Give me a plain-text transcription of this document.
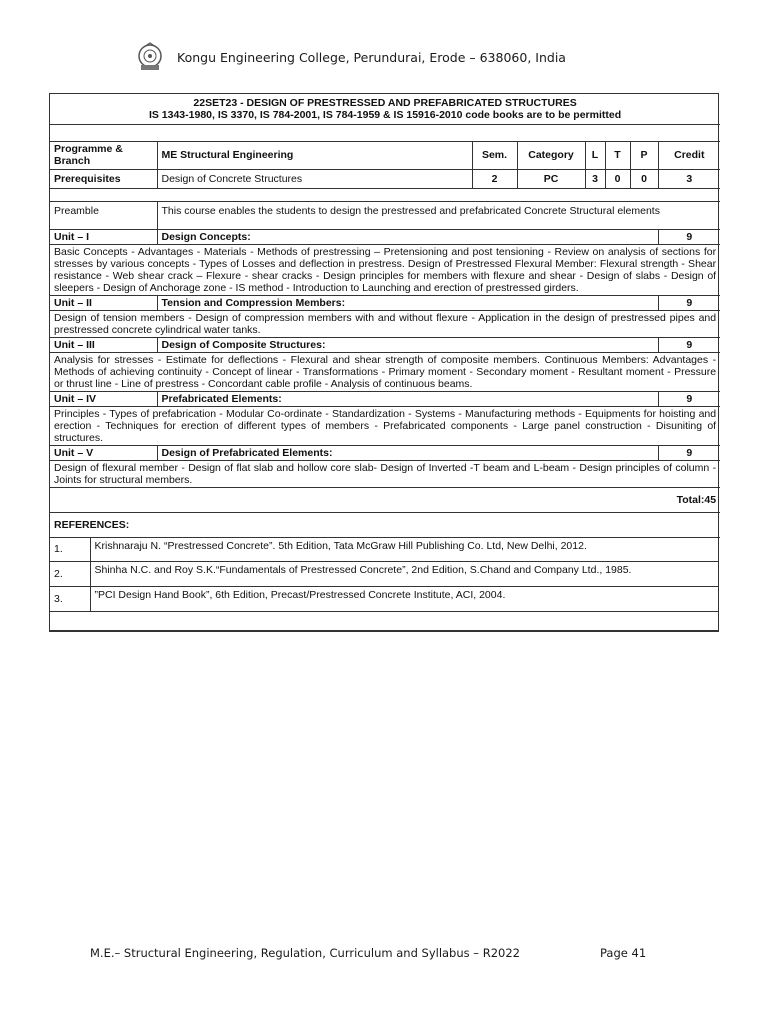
Kongu Engineering College, Perundurai, Erode – 638060, India
22SET23 - DESIGN OF PRESTRESSED AND PREFABRICATED STRUCTURES
IS 1343-1980, IS 3370, IS 784-2001, IS 784-1959 & IS 15916-2010 code books are to be permitted							

Programme & Branch	ME Structural Engineering	Sem.	Category	L	T	P	Credit
Prerequisites	Design of Concrete Structures	2	PC	3	0	0	3

Preamble	This course enables the students to design the prestressed and prefabricated Concrete Structural elements						
Unit – I	Design Concepts:						9
Basic Concepts - Advantages - Materials - Methods of prestressing – Pretensioning and post tensioning - Review on analysis of sections for stresses by various concepts - Types of Losses and deflection in prestress. Design of Prestressed Flexural Member: Flexural strength - Shear resistance - Web shear crack – Flexure - shear cracks - Design principles for members with flexure and shear - Design of slabs - Design of sleepers - Design of Anchorage zone - IS method - Introduction to Launching and erection of prestressed girders.							
Unit – II	Tension and Compression Members:						9
Design of tension members - Design of compression members with and without flexure - Application in the design of prestressed pipes and prestressed concrete cylindrical water tanks.							
Unit – III	Design of Composite Structures:						9
Analysis for stresses - Estimate for deflections - Flexural and shear strength of composite members. Continuous Members: Advantages - Methods of achieving continuity - Concept of linear - Transformations - Primary moment - Secondary moment - Resultant moment - Pressure or thrust line - Line of prestress - Concordant cable profile - Analysis of continuous beams.							
Unit – IV	Prefabricated Elements:						9
Principles - Types of prefabrication - Modular Co-ordinate - Standardization - Systems - Manufacturing methods - Equipments for hoisting and erection - Techniques for erection of different types of members - Prefabricated components - Large panel construction - Disuniting of structures.							
Unit – V	Design of Prefabricated Elements:						9
Design of flexural member - Design of flat slab and hollow core slab- Design of Inverted -T beam and L-beam - Design principles of column - Joints for structural members.							
Total:45							
REFERENCES:							
1.	Krishnaraju N. “Prestressed Concrete”. 5th Edition, Tata McGraw Hill Publishing Co. Ltd, New Delhi, 2012.
2.	Shinha N.C. and Roy S.K.“Fundamentals of Prestressed Concrete”, 2nd Edition, S.Chand and Company Ltd., 1985.
3.	”PCI Design Hand Book”, 6th Edition, Precast/Prestressed Concrete Institute, ACI, 2004.

M.E.– Structural Engineering, Regulation, Curriculum and Syllabus – R2022	Page 41
